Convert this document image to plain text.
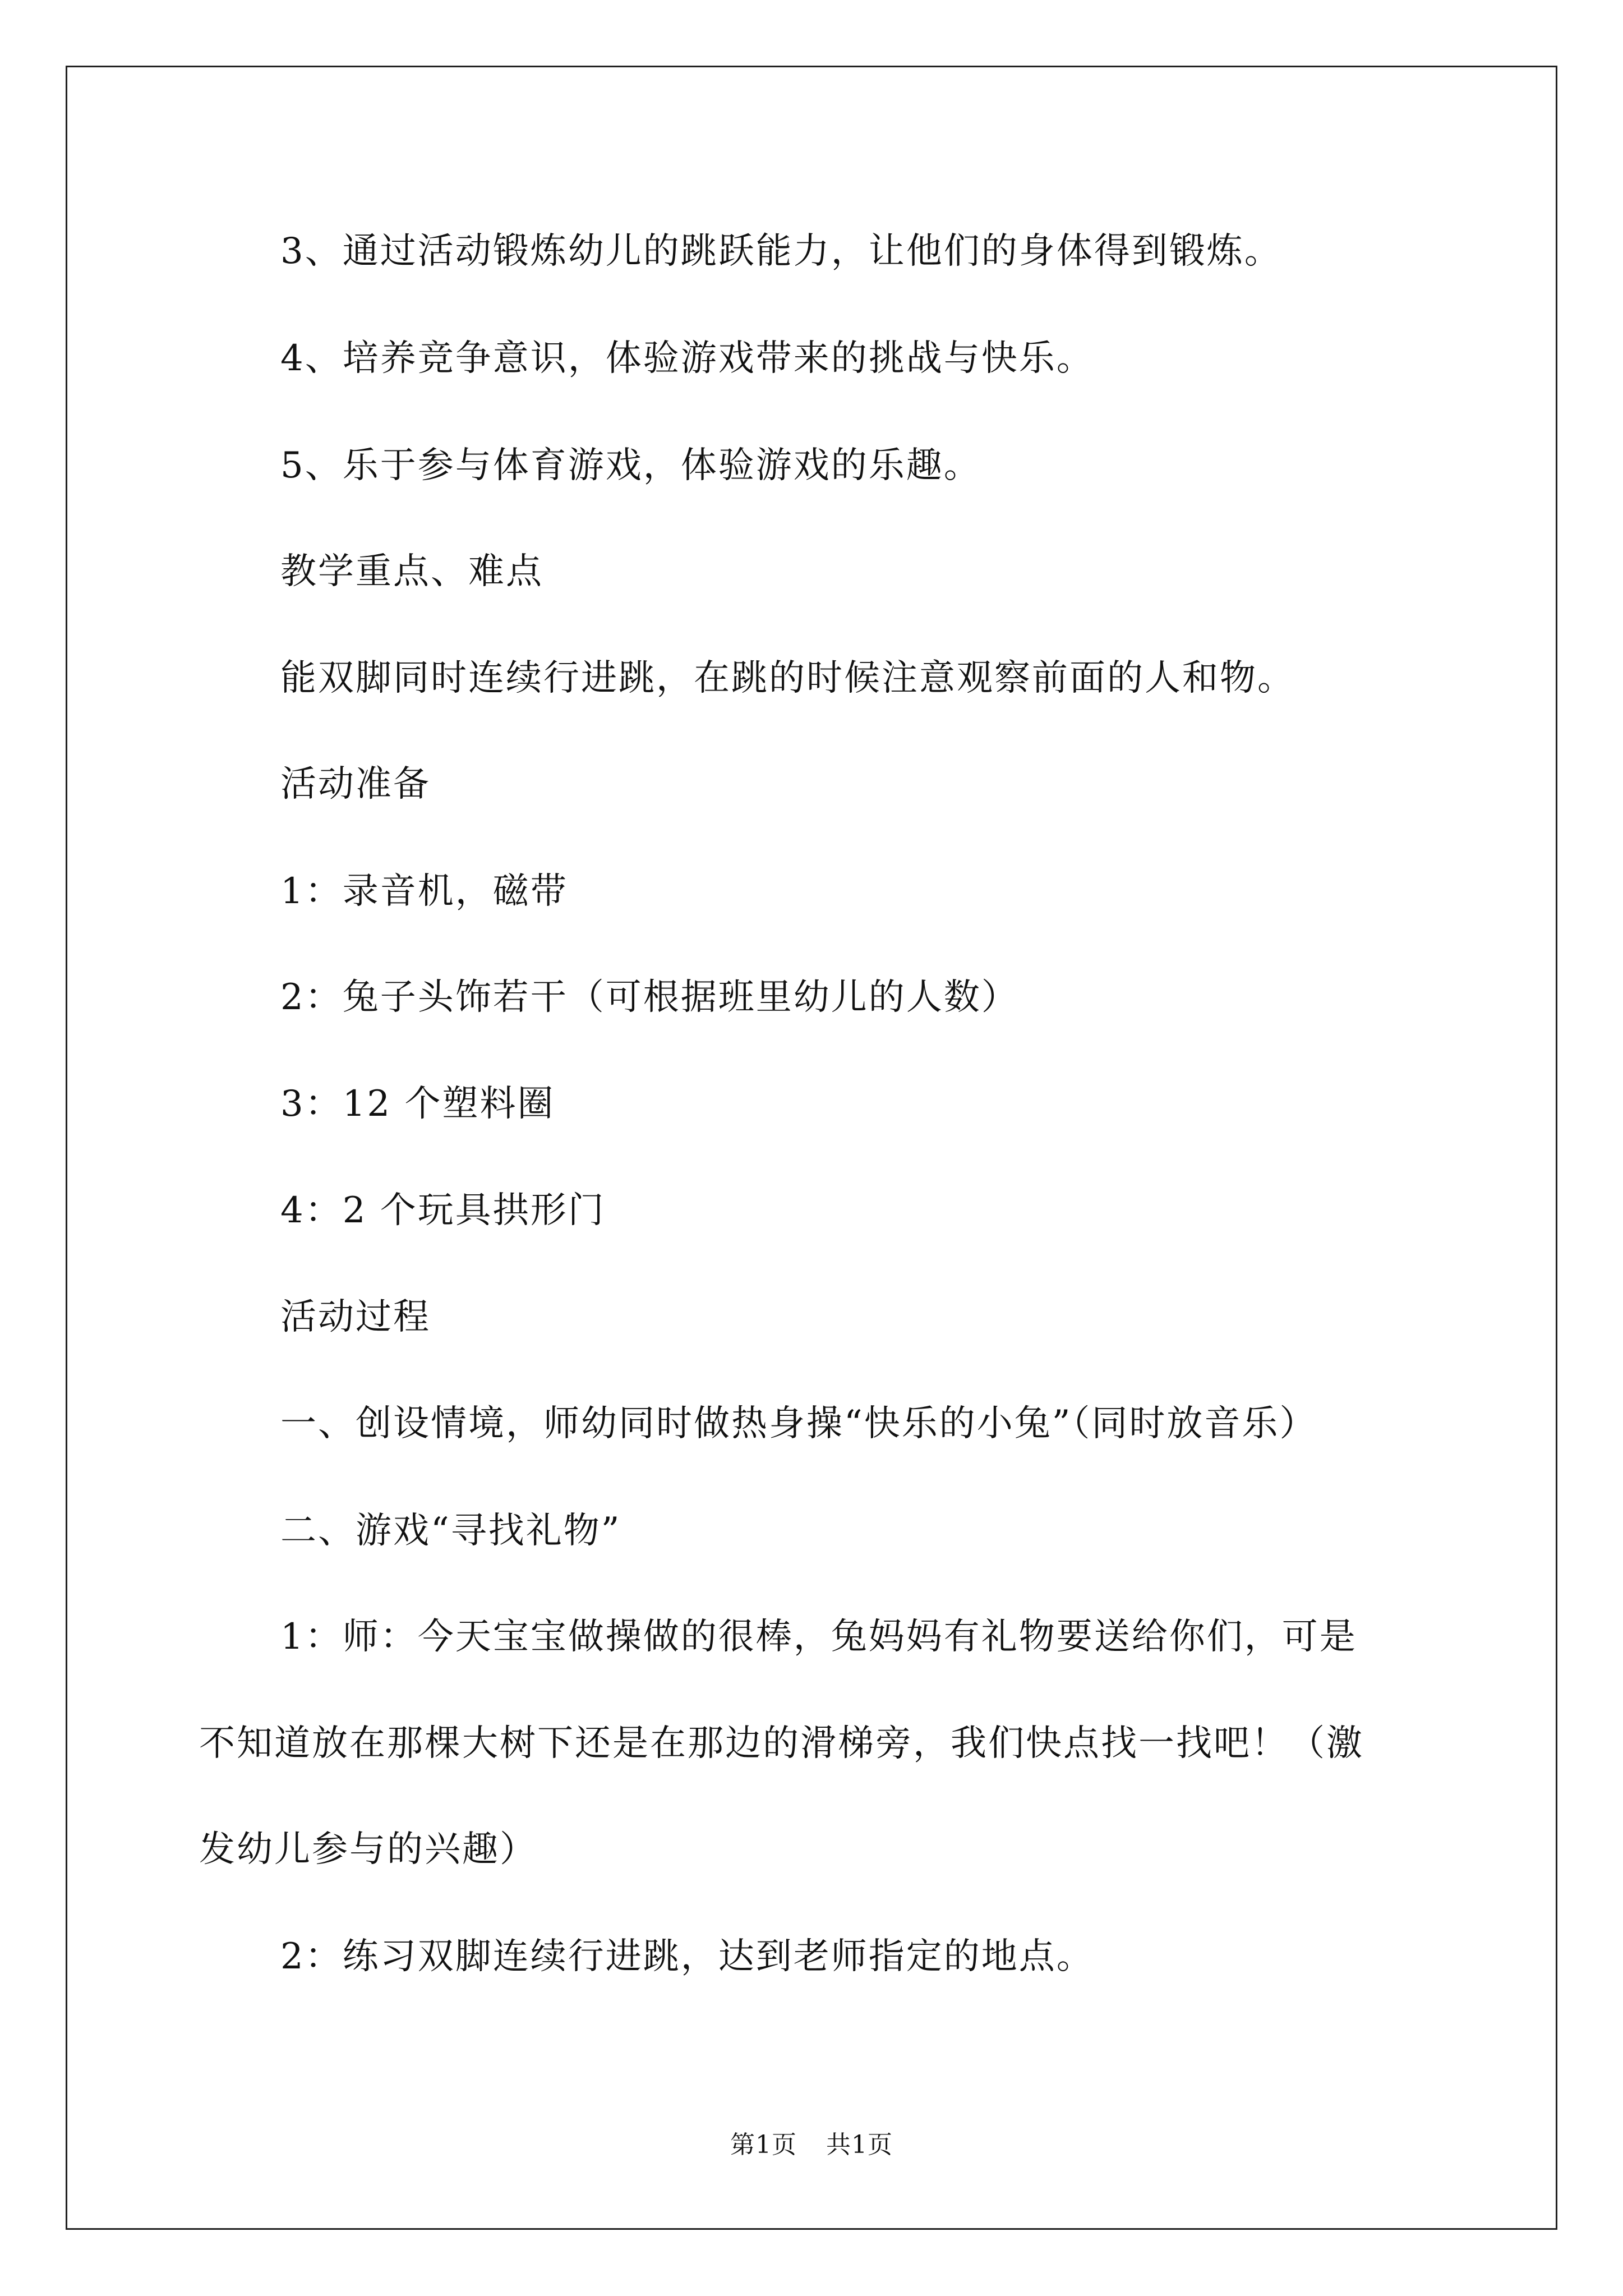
3、通过活动锻炼幼儿的跳跃能力，让他们的身体得到锻炼。

4、培养竞争意识，体验游戏带来的挑战与快乐。

5、乐于参与体育游戏，体验游戏的乐趣。

教学重点、难点

能双脚同时连续行进跳，在跳的时候注意观察前面的人和物。

活动准备

1：录音机，磁带

2：兔子头饰若干（可根据班里幼儿的人数）

3：12 个塑料圈

4：2 个玩具拱形门

活动过程

一、创设情境，师幼同时做热身操“快乐的小兔”（同时放音乐）

二、游戏“寻找礼物”

1：师：今天宝宝做操做的很棒，兔妈妈有礼物要送给你们，可是

不知道放在那棵大树下还是在那边的滑梯旁，我们快点找一找吧！（激

发幼儿参与的兴趣）

2：练习双脚连续行进跳，达到老师指定的地点。

第1页 共1页
